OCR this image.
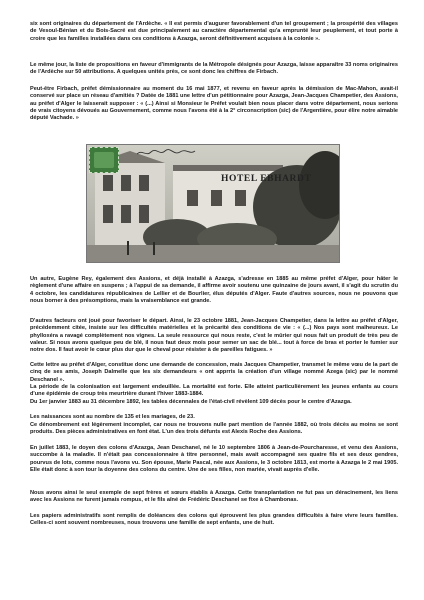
six sont originaires du département de l'Ardèche. « Il est permis d'augurer favorablement d'un tel groupement ; la prospérité des villages de Vesoul-Bénian et du Bois-Sacré est due principalement au caractère départemental qu'a emprunté leur peuplement, et tout porte à croire que les familles installées dans ces conditions à Azazga, seront définitivement acquises à la colonie ».

Le même jour, la liste de propositions en faveur d'immigrants de la Métropole désignés pour Azazga, laisse apparaître 33 noms originaires de l'Ardèche sur 50 attributions. A quelques unités près, ce sont donc les chiffres de Firbach.

Peut-être Firbach, préfet démissionnaire au moment du 16 mai 1877, et revenu en faveur après la démission de Mac-Mahon, avait-il conservé sur place un réseau d'amitiés ? Datée de 1881 une lettre d'un pétitionnaire pour Azazga, Jean-Jacques Champetier, des Assions, au préfet d'Alger le laisserait supposer : « (...) Ainsi si Monsieur le Préfet voulait bien nous placer dans votre département, nous serions de vrais citoyens dévoués au Gouvernement, comme nous l'avons été à la 2° circonscription (sic) de l'Argentière, pour élire notre aimable député Vachade. »

HOTEL EBHARDT

Un autre, Eugène Rey, également des Assions, et déjà installé à Azazga, s'adresse en 1885 au même préfet d'Alger, pour hâter le règlement d'une affaire en suspens ; à l'appui de sa demande, il affirme avoir soutenu une quinzaine de jours avant, il s'agit du scrutin du 4 octobre, les candidatures républicaines de Lellier et de Bourlier, élus députés d'Alger. Faute d'autres sources, nous ne pouvons que nous borner à des présomptions, mais la vraisemblance est grande.

D'autres facteurs ont joué pour favoriser le départ. Ainsi, le 23 octobre 1881, Jean-Jacques Champetier, dans la lettre au préfet d'Alger, précédemment citée, insiste sur les difficultés matérielles et la précarité des conditions de vie : « (...) Nos pays sont malheureux. Le phylloxéra a ravagé complètement nos vignes. La seule ressource qui nous reste, c'est le mûrier qui nous fait un produit de très peu de valeur. Si nous avons quelque peu de blé, il nous faut deux mois pour semer un sac de blé... tout à force de bras et porter le fumier sur notre dos. Il faut avoir le cœur plus dur que le cheval pour résister à de pareilles fatigues. »

Cette lettre au préfet d'Alger, constitue donc une demande de concession, mais Jacques Champetier, transmet le même vœu de la part de cinq de ses amis, Joseph Dalmelle que les six demandeurs « ont apprris la création d'un village nommé Azega (sic) par le nommé Deschanel ».

La période de la colonisation est largement endeuillée. La mortalité est forte. Elle atteint particulièrement les jeunes enfants au cours d'une épidémie de croup très meurtrière durant l'hiver 1883-1884.

Du 1er janvier 1883 au 31 décembre 1892, les tables décennales de l'état-civil révèlent 109 décès pour le centre d'Azazga.

Les naissances sont au nombre de 135 et les mariages, de 23.

Ce dénombrement est légèrement incomplet, car nous ne trouvons nulle part mention de l'année 1882, où trois décès au moins se sont produits. Des pièces administratives en font état. L'un des trois défunts est Alexis Roche des Assions.

En juillet 1883, le doyen des colons d'Azazga, Jean Deschanel, né le 10 septembre 1806 à Jean-de-Pourcharesse, et venu des Assions, succombe à la maladie. Il n'était pas concessionnaire à titre personnel, mais avait accompagné ses quatre fils et ses deux gendres, pourvus de lots, comme nous l'avons vu. Son épouse, Marie Pascal, née aux Assions, le 3 octobre 1813, est morte à Azazga le 2 mai 1905. Elle était donc à son tour la doyenne des colons du centre. Une de ses filles, non mariée, vivait auprès d'elle.

Nous avons ainsi le seul exemple de sept frères et sœurs établis à Azazga. Cette transplantation ne fut pas un déracinement, les liens avec les Assions ne furent jamais rompus, et le fils aîné de Frédéric Deschanel se fixe à Chambonas.

Les papiers administratifs sont remplis de doléances des colons qui éprouvent les plus grandes difficultés à faire vivre leurs familles. Celles-ci sont souvent nombreuses, nous trouvons une famille de sept enfants, une de huit.
